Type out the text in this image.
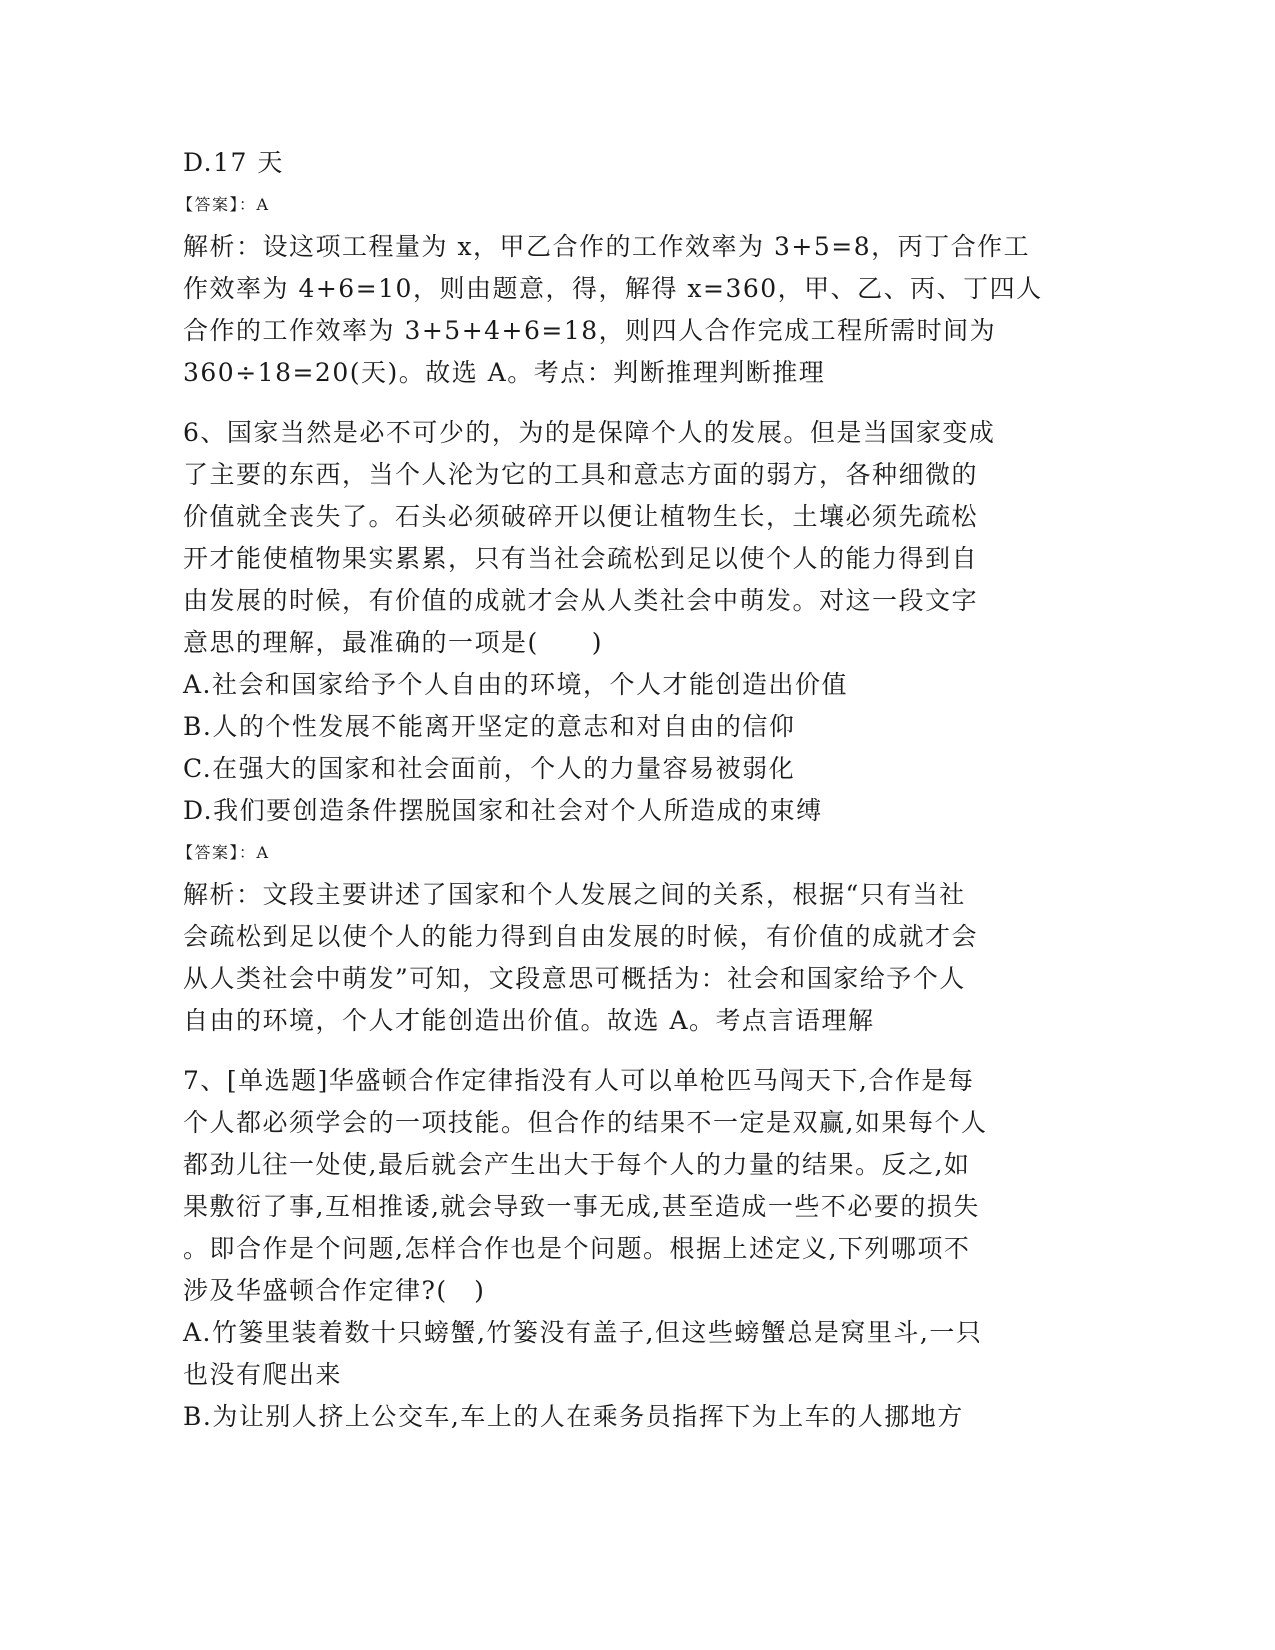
D.17 天
【答案】：A
解析：设这项工程量为 x，甲乙合作的工作效率为 3+5=8，丙丁合作工
作效率为 4+6=10，则由题意，得，解得 x=360，甲、乙、丙、丁四人
合作的工作效率为 3+5+4+6=18，则四人合作完成工程所需时间为
360÷18=20(天)。故选 A。考点：判断推理判断推理
6、国家当然是必不可少的，为的是保障个人的发展。但是当国家变成
了主要的东西，当个人沦为它的工具和意志方面的弱方，各种细微的
价值就全丧失了。石头必须破碎开以便让植物生长，土壤必须先疏松
开才能使植物果实累累，只有当社会疏松到足以使个人的能力得到自
由发展的时候，有价值的成就才会从人类社会中萌发。对这一段文字
意思的理解，最准确的一项是(　　)
A.社会和国家给予个人自由的环境，个人才能创造出价值
B.人的个性发展不能离开坚定的意志和对自由的信仰
C.在强大的国家和社会面前，个人的力量容易被弱化
D.我们要创造条件摆脱国家和社会对个人所造成的束缚
【答案】：A
解析：文段主要讲述了国家和个人发展之间的关系，根据“只有当社
会疏松到足以使个人的能力得到自由发展的时候，有价值的成就才会
从人类社会中萌发”可知，文段意思可概括为：社会和国家给予个人
自由的环境，个人才能创造出价值。故选 A。考点言语理解
7、[单选题]华盛顿合作定律指没有人可以单枪匹马闯天下,合作是每
个人都必须学会的一项技能。但合作的结果不一定是双赢,如果每个人
都劲儿往一处使,最后就会产生出大于每个人的力量的结果。反之,如
果敷衍了事,互相推诿,就会导致一事无成,甚至造成一些不必要的损失
。即合作是个问题,怎样合作也是个问题。根据上述定义,下列哪项不
涉及华盛顿合作定律?(　)
A.竹篓里装着数十只螃蟹,竹篓没有盖子,但这些螃蟹总是窝里斗,一只
也没有爬出来
B.为让别人挤上公交车,车上的人在乘务员指挥下为上车的人挪地方
